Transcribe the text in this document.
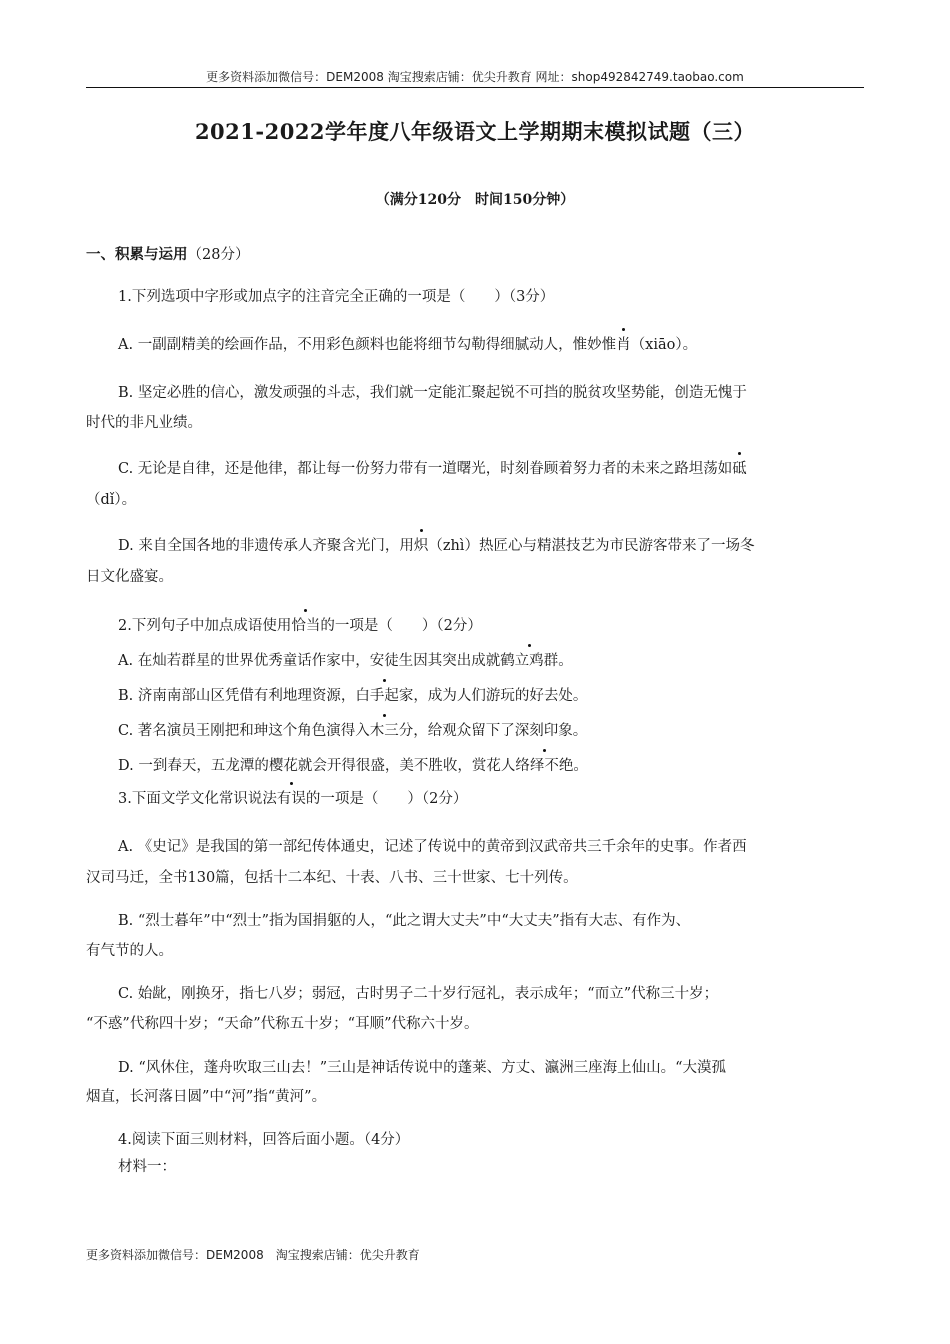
更多资料添加微信号：DEM2008 淘宝搜索店铺：优尖升教育 网址：shop492842749.taobao.com
2021-2022学年度八年级语文上学期期末模拟试题（三）
（满分120分　时间150分钟）
一、积累与运用（28分）
1.下列选项中字形或加点字的注音完全正确的一项是（　　）（3分）
A. 一副副精美的绘画作品，不用彩色颜料也能将细节勾勒得细腻动人，惟妙惟肖（xiāo）。
B. 坚定必胜的信心，激发顽强的斗志，我们就一定能汇聚起锐不可挡的脱贫攻坚势能，创造无愧于
时代的非凡业绩。
C. 无论是自律，还是他律，都让每一份努力带有一道曙光，时刻眷顾着努力者的未来之路坦荡如砥
（dǐ）。
D. 来自全国各地的非遗传承人齐聚含光门，用炽（zhì）热匠心与精湛技艺为市民游客带来了一场冬
日文化盛宴。
2.下列句子中加点成语使用恰当的一项是（　　）（2分）
A. 在灿若群星的世界优秀童话作家中，安徒生因其突出成就鹤立鸡群。
B. 济南南部山区凭借有利地理资源，白手起家，成为人们游玩的好去处。
C. 著名演员王刚把和珅这个角色演得入木三分，给观众留下了深刻印象。
D. 一到春天，五龙潭的樱花就会开得很盛，美不胜收，赏花人络绎不绝。
3.下面文学文化常识说法有误的一项是（　　）（2分）
A. 《史记》是我国的第一部纪传体通史，记述了传说中的黄帝到汉武帝共三千余年的史事。作者西
汉司马迁，全书130篇，包括十二本纪、十表、八书、三十世家、七十列传。
B. “烈士暮年”中“烈士”指为国捐躯的人，“此之谓大丈夫”中“大丈夫”指有大志、有作为、
有气节的人。
C. 始龀，刚换牙，指七八岁；弱冠，古时男子二十岁行冠礼，表示成年；“而立”代称三十岁；
“不惑”代称四十岁；“天命”代称五十岁；“耳顺”代称六十岁。
D. “风休住，蓬舟吹取三山去！”三山是神话传说中的蓬莱、方丈、瀛洲三座海上仙山。“大漠孤
烟直，长河落日圆”中“河”指“黄河”。
4.阅读下面三则材料，回答后面小题。（4分）
材料一：
更多资料添加微信号：DEM2008　淘宝搜索店铺：优尖升教育
